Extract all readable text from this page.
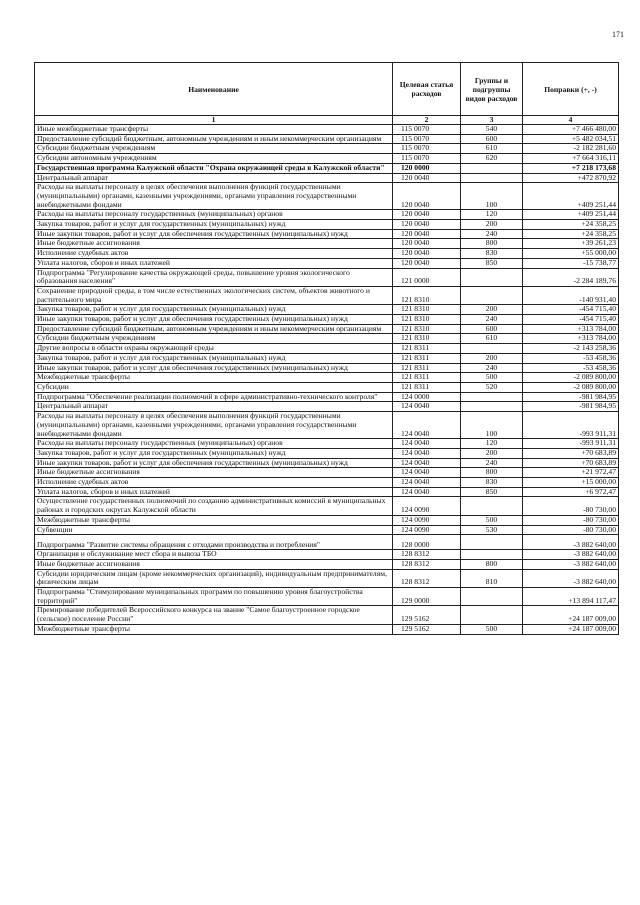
171
Наименование	Целевая статья расходов	Группы и подгруппы видов расходов	Поправки (+, -)
1	2	3	4
Иные межбюджетные трансферты	115 0070	540	+7 466 480,00
Предоставление субсидий бюджетным, автономным учреждениям и иным некоммерческим организациям	115 0070	600	+5 482 034,51
Субсидии бюджетным учреждениям	115 0070	610	-2 182 281,60
Субсидии автономным учреждениям	115 0070	620	+7 664 316,11
Государственная программа Калужской области "Охрана окружающей среды в Калужской области"	120 0000		+7 218 173,68
Центральный аппарат	120 0040		+472 870,92
Расходы на выплаты персоналу в целях обеспечения выполнения функций государственными (муниципальными) органами, казенными учреждениями, органами управления государственными внебюджетными фондами	120 0040	100	+409 251,44
Расходы на выплаты персоналу государственных (муниципальных) органов	120 0040	120	+409 251,44
Закупка товаров, работ и услуг для государственных (муниципальных) нужд	120 0040	200	+24 358,25
Иные закупки товаров, работ и услуг для обеспечения государственных (муниципальных) нужд	120 0040	240	+24 358,25
Иные бюджетные ассигнования	120 0040	800	+39 261,23
Исполнение судебных актов	120 0040	830	+55 000,00
Уплата налогов, сборов и иных платежей	120 0040	850	-15 738,77
Подпрограмма "Регулирование качества окружающей среды, повышение уровня экологического образования населения"	121 0000		-2 284 189,76
Сохранение природной среды, в том числе естественных экологических систем, объектов животного и растительного мира	121 8310		-140 931,40
Закупка товаров, работ и услуг для государственных (муниципальных) нужд	121 8310	200	-454 715,40
Иные закупки товаров, работ и услуг для обеспечения государственных (муниципальных) нужд	121 8310	240	-454 715,40
Предоставление субсидий бюджетным, автономным учреждениям и иным некоммерческим организациям	121 8310	600	+313 784,00
Субсидии бюджетным учреждениям	121 8310	610	+313 784,00
Другие вопросы в области охраны окружающей среды	121 8311		-2 143 258,36
Закупка товаров, работ и услуг для государственных (муниципальных) нужд	121 8311	200	-53 458,36
Иные закупки товаров, работ и услуг для обеспечения государственных (муниципальных) нужд	121 8311	240	-53 458,36
Межбюджетные трансферты	121 8311	500	-2 089 800,00
Субсидии	121 8311	520	-2 089 800,00
Подпрограмма "Обеспечение реализации полномочий в сфере административно-технического контроля"	124 0000		-981 984,95
Центральный аппарат	124 0040		-981 984,95
Расходы на выплаты персоналу в целях обеспечения выполнения функций государственными (муниципальными) органами, казенными учреждениями, органами управления государственными внебюджетными фондами	124 0040	100	-993 911,31
Расходы на выплаты персоналу государственных (муниципальных) органов	124 0040	120	-993 911,31
Закупка товаров, работ и услуг для государственных (муниципальных) нужд	124 0040	200	+70 683,89
Иные закупки товаров, работ и услуг для обеспечения государственных (муниципальных) нужд	124 0040	240	+70 683,89
Иные бюджетные ассигнования	124 0040	800	+21 972,47
Исполнение судебных актов	124 0040	830	+15 000,00
Уплата налогов, сборов и иных платежей	124 0040	850	+6 972,47
Осуществление государственных полномочий по созданию административных комиссий в муниципальных районах и городских округах Калужской области	124 0090		-80 730,00
Межбюджетные трансферты	124 0090	500	-80 730,00
Субвенции	124 0090	530	-80 730,00
Подпрограмма "Развитие системы обращения с отходами производства и потребления"	128 0000		-3 882 640,00
Организация и обслуживание мест сбора и вывоза ТБО	128 8312		-3 882 640,00
Иные бюджетные ассигнования	128 8312	800	-3 882 640,00
Субсидии юридическим лицам (кроме некоммерческих организаций), индивидуальным предпринимателям, физическим лицам	128 8312	810	-3 882 640,00
Подпрограмма "Стимулирование муниципальных программ по повышению уровня благоустройства территорий"	129 0000		+13 894 117,47
Премирование победителей Всероссийского конкурса на звание "Самое благоустроенное городское (сельское) поселение России"	129 5162		+24 187 009,00
Межбюджетные трансферты	129 5162	500	+24 187 009,00
